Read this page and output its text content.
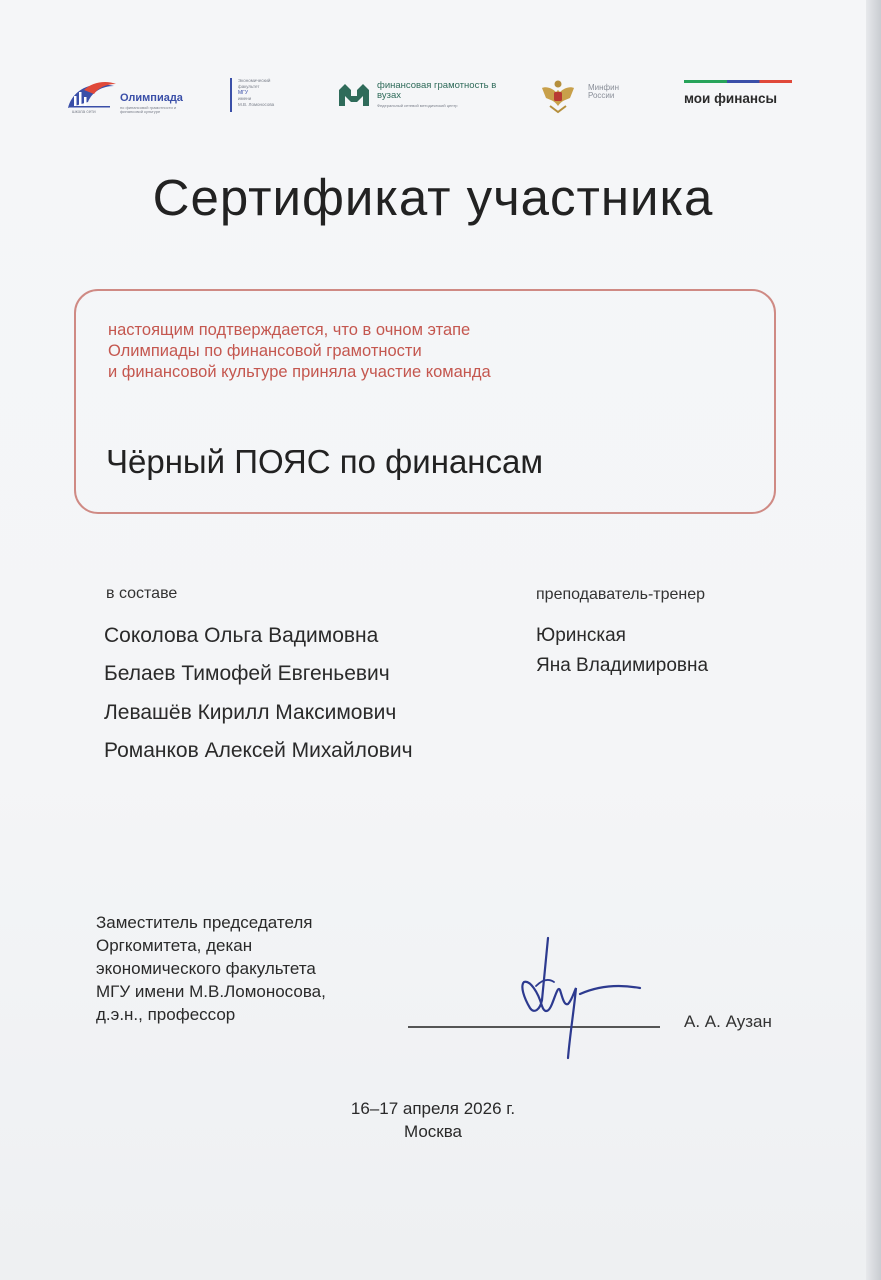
школа сети
Олимпиада
по финансовой грамотности и финансовой культуре
Экономический
факультет
МГУ
имени
М.В. Ломоносова
финансовая грамотность в вузах
Федеральный сетевой методический центр
Минфин России	мои финансы
Сертификат участника
настоящим подтверждается, что в очном этапе
Олимпиады по финансовой грамотности
и финансовой культуре приняла участие команда
Чёрный ПОЯС по финансам
в составе
Соколова Ольга Вадимовна
Белаев Тимофей Евгеньевич
Левашёв Кирилл Максимович
Романков Алексей Михайлович
преподаватель-тренер
Юринская
Яна Владимировна
Заместитель председателя
Оргкомитета, декан
экономического факультета
МГУ имени М.В.Ломоносова,
д.э.н., профессор	А. А. Аузан
16–17 апреля 2026 г.
Москва
